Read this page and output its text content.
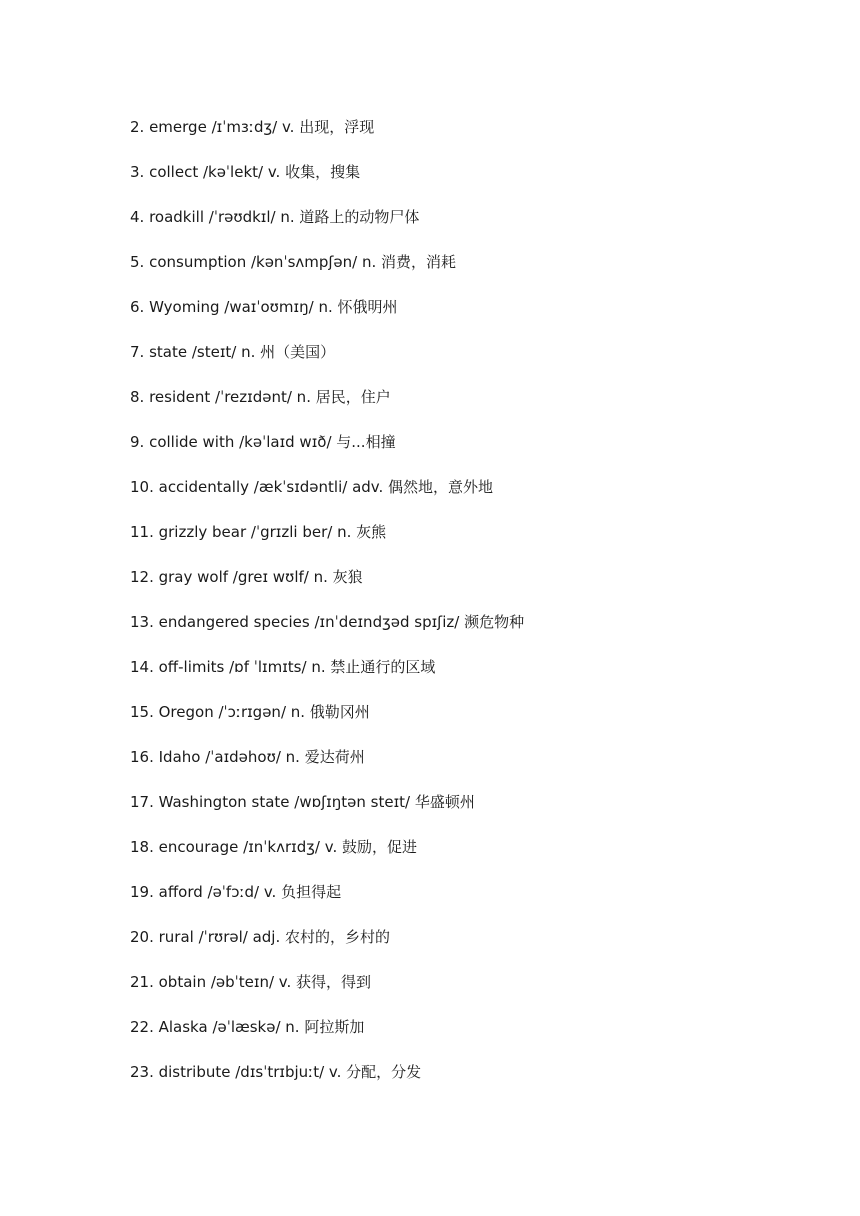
2. emerge /ɪˈmɜːdʒ/ v. 出现，浮现
3. collect /kəˈlekt/ v. 收集，搜集
4. roadkill /ˈrəʊdkɪl/ n. 道路上的动物尸体
5. consumption /kənˈsʌmpʃən/ n. 消费，消耗
6. Wyoming /waɪˈoʊmɪŋ/ n. 怀俄明州
7. state /steɪt/ n. 州（美国）
8. resident /ˈrezɪdənt/ n. 居民，住户
9. collide with /kəˈlaɪd wɪð/ 与...相撞
10. accidentally /ækˈsɪdəntli/ adv. 偶然地，意外地
11. grizzly bear /ˈgrɪzli ber/ n. 灰熊
12. gray wolf /greɪ wʊlf/ n. 灰狼
13. endangered species /ɪnˈdeɪndʒəd spɪʃiz/ 濒危物种
14. off-limits /ɒf ˈlɪmɪts/ n. 禁止通行的区域
15. Oregon /ˈɔːrɪgən/ n. 俄勒冈州
16. Idaho /ˈaɪdəhoʊ/ n. 爱达荷州
17. Washington state /wɒʃɪŋtən steɪt/ 华盛顿州
18. encourage /ɪnˈkʌrɪdʒ/ v. 鼓励，促进
19. afford /əˈfɔːd/ v. 负担得起
20. rural /ˈrʊrəl/ adj. 农村的，乡村的
21. obtain /əbˈteɪn/ v. 获得，得到
22. Alaska /əˈlæskə/ n. 阿拉斯加
23. distribute /dɪsˈtrɪbjuːt/ v. 分配，分发
